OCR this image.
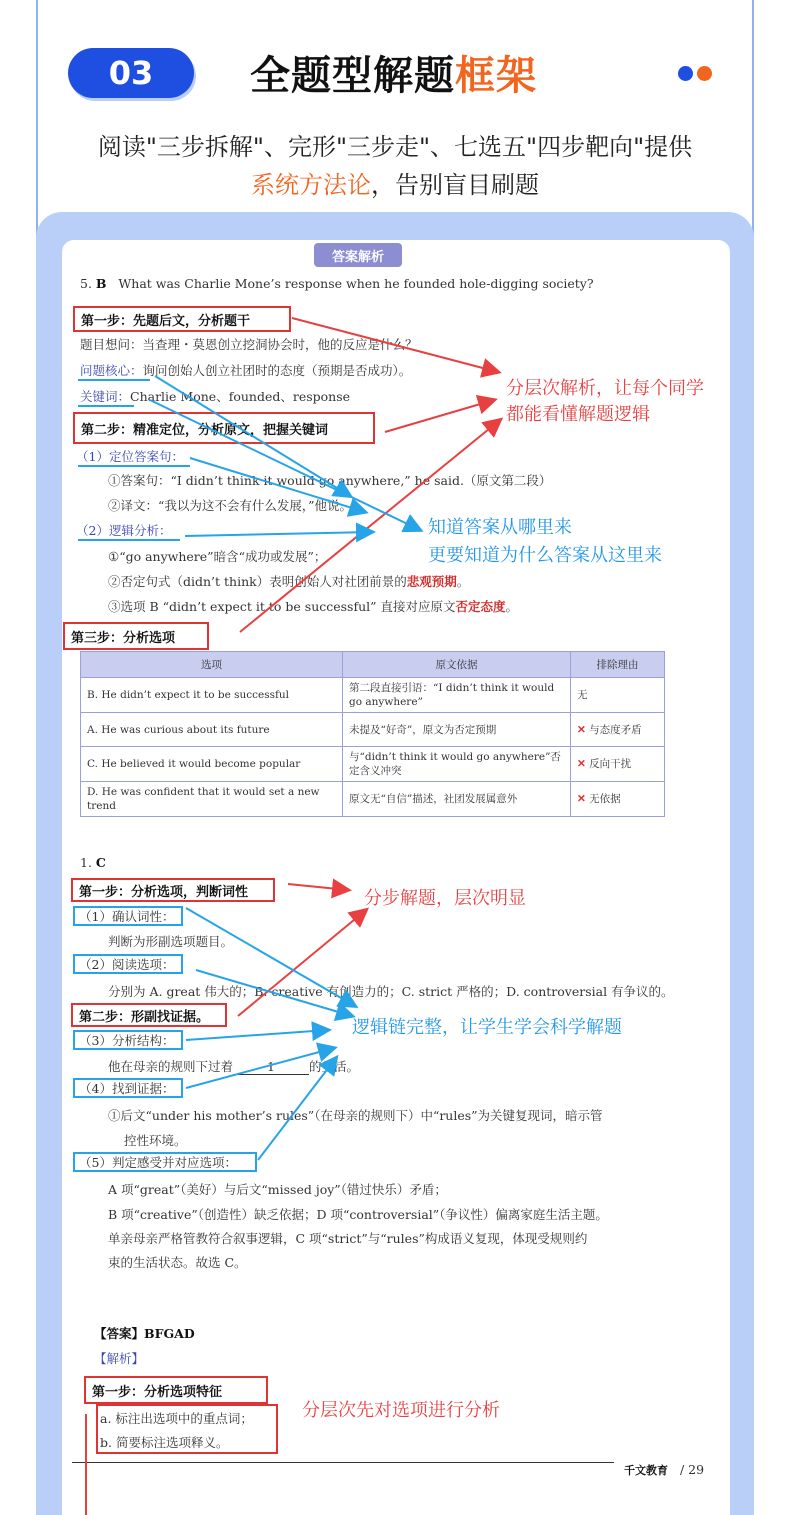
03	全题型解题框架
阅读"三步拆解"、完形"三步走"、七选五"四步靶向"提供
系统方法论，告别盲目刷题
答案解析
5. B What was Charlie Mone’s response when he founded hole-digging society?
第一步：先题后文，分析题干
题目想问：当查理・莫恩创立挖洞协会时，他的反应是什么？
问题核心：询问创始人创立社团时的态度（预期是否成功）。
关键词：Charlie Mone、founded、response
第二步：精准定位，分析原文，把握关键词
（1）定位答案句：
①答案句：“I didn’t think it would go anywhere,” he said.（原文第二段）
②译文：“我以为这不会有什么发展，”他说。
（2）逻辑分析：
①“go anywhere”暗含“成功或发展”；
②否定句式（didn’t think）表明创始人对社团前景的悲观预期。
③选项 B “didn’t expect it to be successful” 直接对应原文否定态度。
第三步：分析选项
选项	原文依据	排除理由
B. He didn’t expect it to be successful	第二段直接引语：“I didn’t think it would go anywhere”	无
A. He was curious about its future	未提及“好奇”，原文为否定预期	✕ 与态度矛盾
C. He believed it would become popular	与“didn’t think it would go anywhere”否定含义冲突	✕ 反向干扰
D. He was confident that it would set a new trend	原文无“自信”描述，社团发展属意外	✕ 无依据
1. C
第一步：分析选项，判断词性
（1）确认词性：
判断为形副选项题目。
（2）阅读选项：
分别为 A. great 伟大的；B. creative 有创造力的；C. strict 严格的；D. controversial 有争议的。
第二步：形副找证据。
（3）分析结构：
他在母亲的规则下过着	1	的生活。
（4）找到证据：
①后文“under his mother’s rules”（在母亲的规则下）中“rules”为关键复现词，暗示管
控性环境。
（5）判定感受并对应选项：
A 项“great”（美好）与后文“missed joy”（错过快乐）矛盾；
B 项“creative”（创造性）缺乏依据；D 项“controversial”（争议性）偏离家庭生活主题。
单亲母亲严格管教符合叙事逻辑，C 项“strict”与“rules”构成语义复现，体现受规则约
束的生活状态。故选 C。
【答案】BFGAD
【解析】
第一步：分析选项特征
a. 标注出选项中的重点词；
b. 简要标注选项释义。
千文教育 / 29
分层次解析，让每个同学
都能看懂解题逻辑
知道答案从哪里来
更要知道为什么答案从这里来
分步解题，层次明显
逻辑链完整，让学生学会科学解题
分层次先对选项进行分析
